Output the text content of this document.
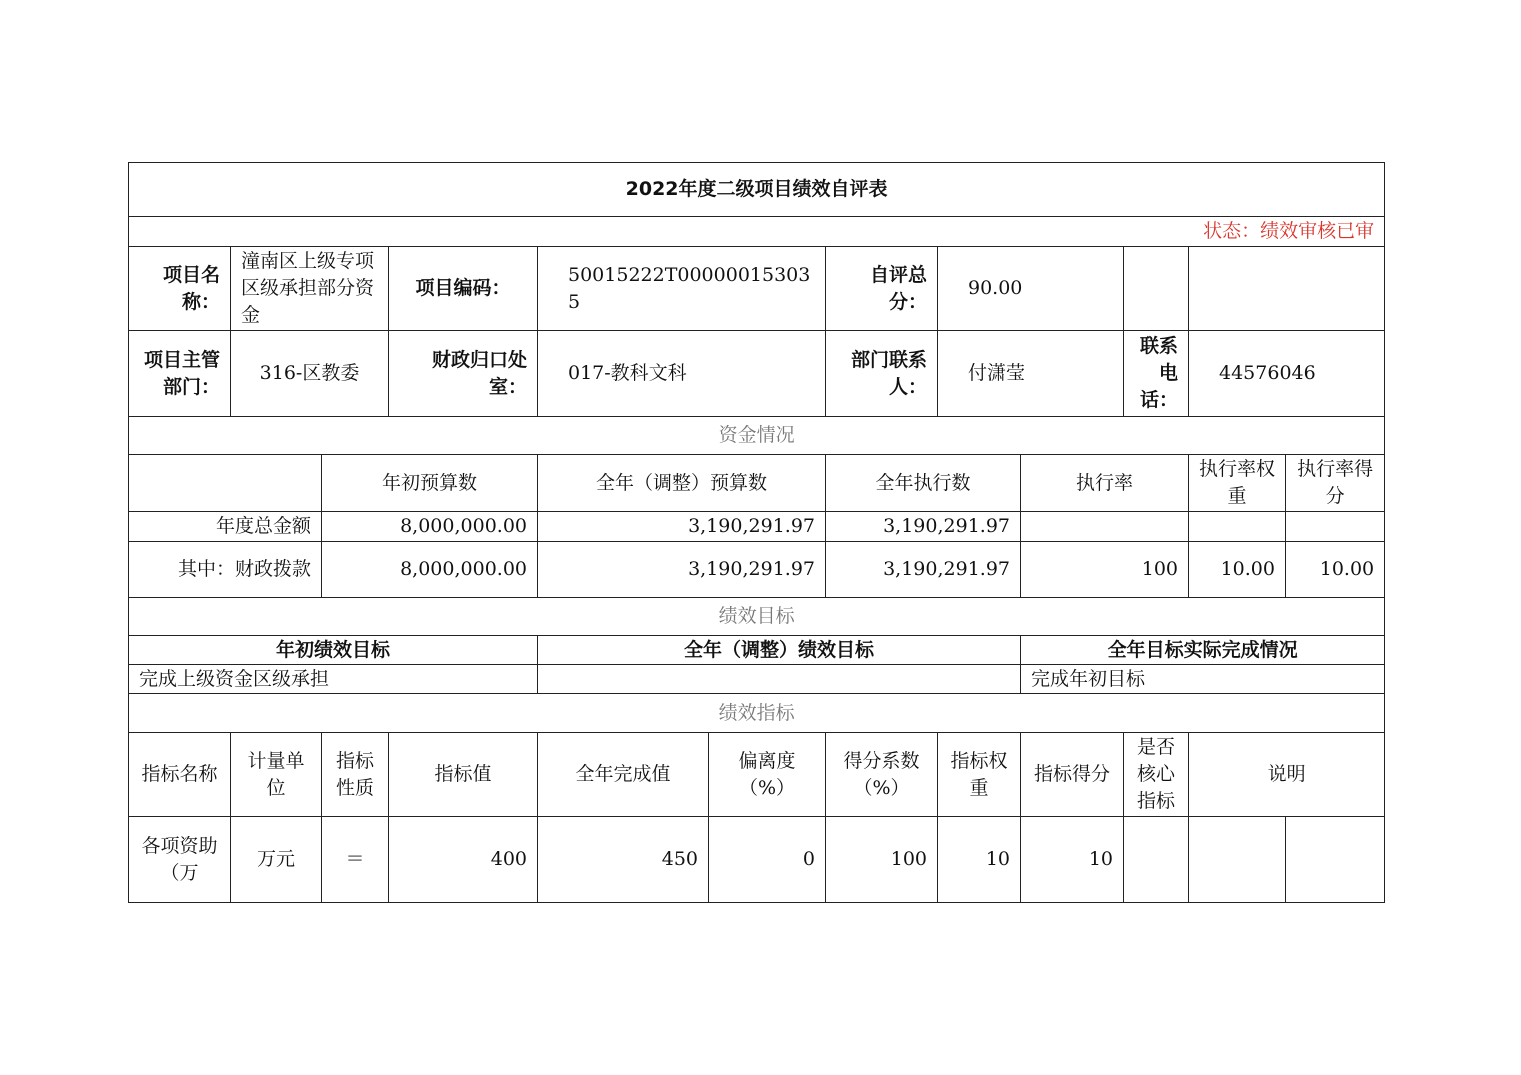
2022年度二级项目绩效自评表											
状态：绩效审核已审											
项目名称：	潼南区上级专项区级承担部分资金		项目编码：	50015222T000000153035		自评总分：	90.00				
项目主管部门：	316-区教委		财政归口处室：	017-教科文科		部门联系人：	付潇莹		联系电话：	44576046	
资金情况											
		年初预算数		全年（调整）预算数		全年执行数		执行率		执行率权重	执行率得分
年度总金额		8,000,000.00		3,190,291.97		3,190,291.97					
其中：财政拨款		8,000,000.00		3,190,291.97		3,190,291.97		100		10.00	10.00
绩效目标											
年初绩效目标				全年（调整）绩效目标				全年目标实际完成情况			
完成上级资金区级承担								完成年初目标			
绩效指标											
指标名称	计量单位	指标性质	指标值	全年完成值	偏离度（%）	得分系数（%）	指标权重	指标得分	是否核心指标	说明	
各项资助（万	万元	＝	400	450	0	100	10	10			
